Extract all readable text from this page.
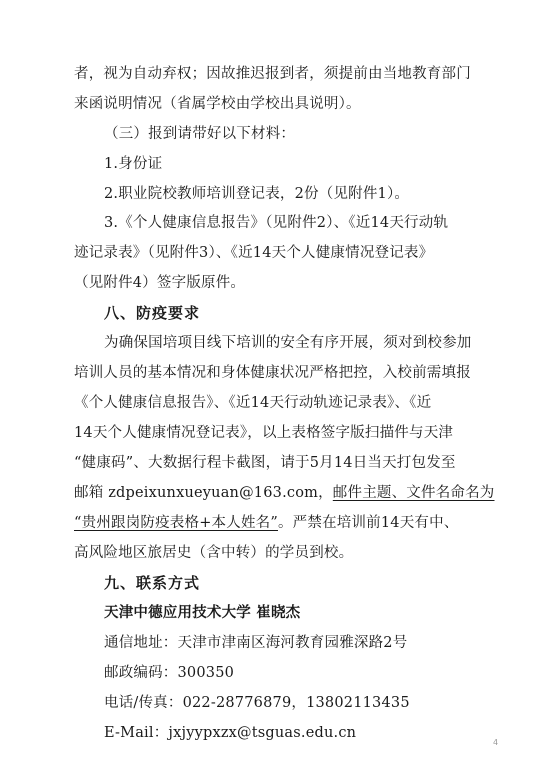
者，视为自动弃权；因故推迟报到者，须提前由当地教育部门
来函说明情况（省属学校由学校出具说明）。
（三）报到请带好以下材料：
1.身份证
2.职业院校教师培训登记表，2份（见附件1）。
3.《个人健康信息报告》（见附件2）、《近14天行动轨
迹记录表》（见附件3）、《近14天个人健康情况登记表》
（见附件4）签字版原件。
八、防疫要求
为确保国培项目线下培训的安全有序开展，须对到校参加
培训人员的基本情况和身体健康状况严格把控，入校前需填报
《个人健康信息报告》、《近14天行动轨迹记录表》、《近
14天个人健康情况登记表》，以上表格签字版扫描件与天津
“健康码”、大数据行程卡截图，请于5月14日当天打包发至
邮箱 zdpeixunxueyuan@163.com，邮件主题、文件名命名为
“贵州跟岗防疫表格+本人姓名”。严禁在培训前14天有中、
高风险地区旅居史（含中转）的学员到校。
九、联系方式
天津中德应用技术大学 崔晓杰
通信地址：天津市津南区海河教育园雅深路2号
邮政编码：300350
电话/传真：022-28776879，13802113435
E-Mail：jxjyypxzx@tsguas.edu.cn
4
